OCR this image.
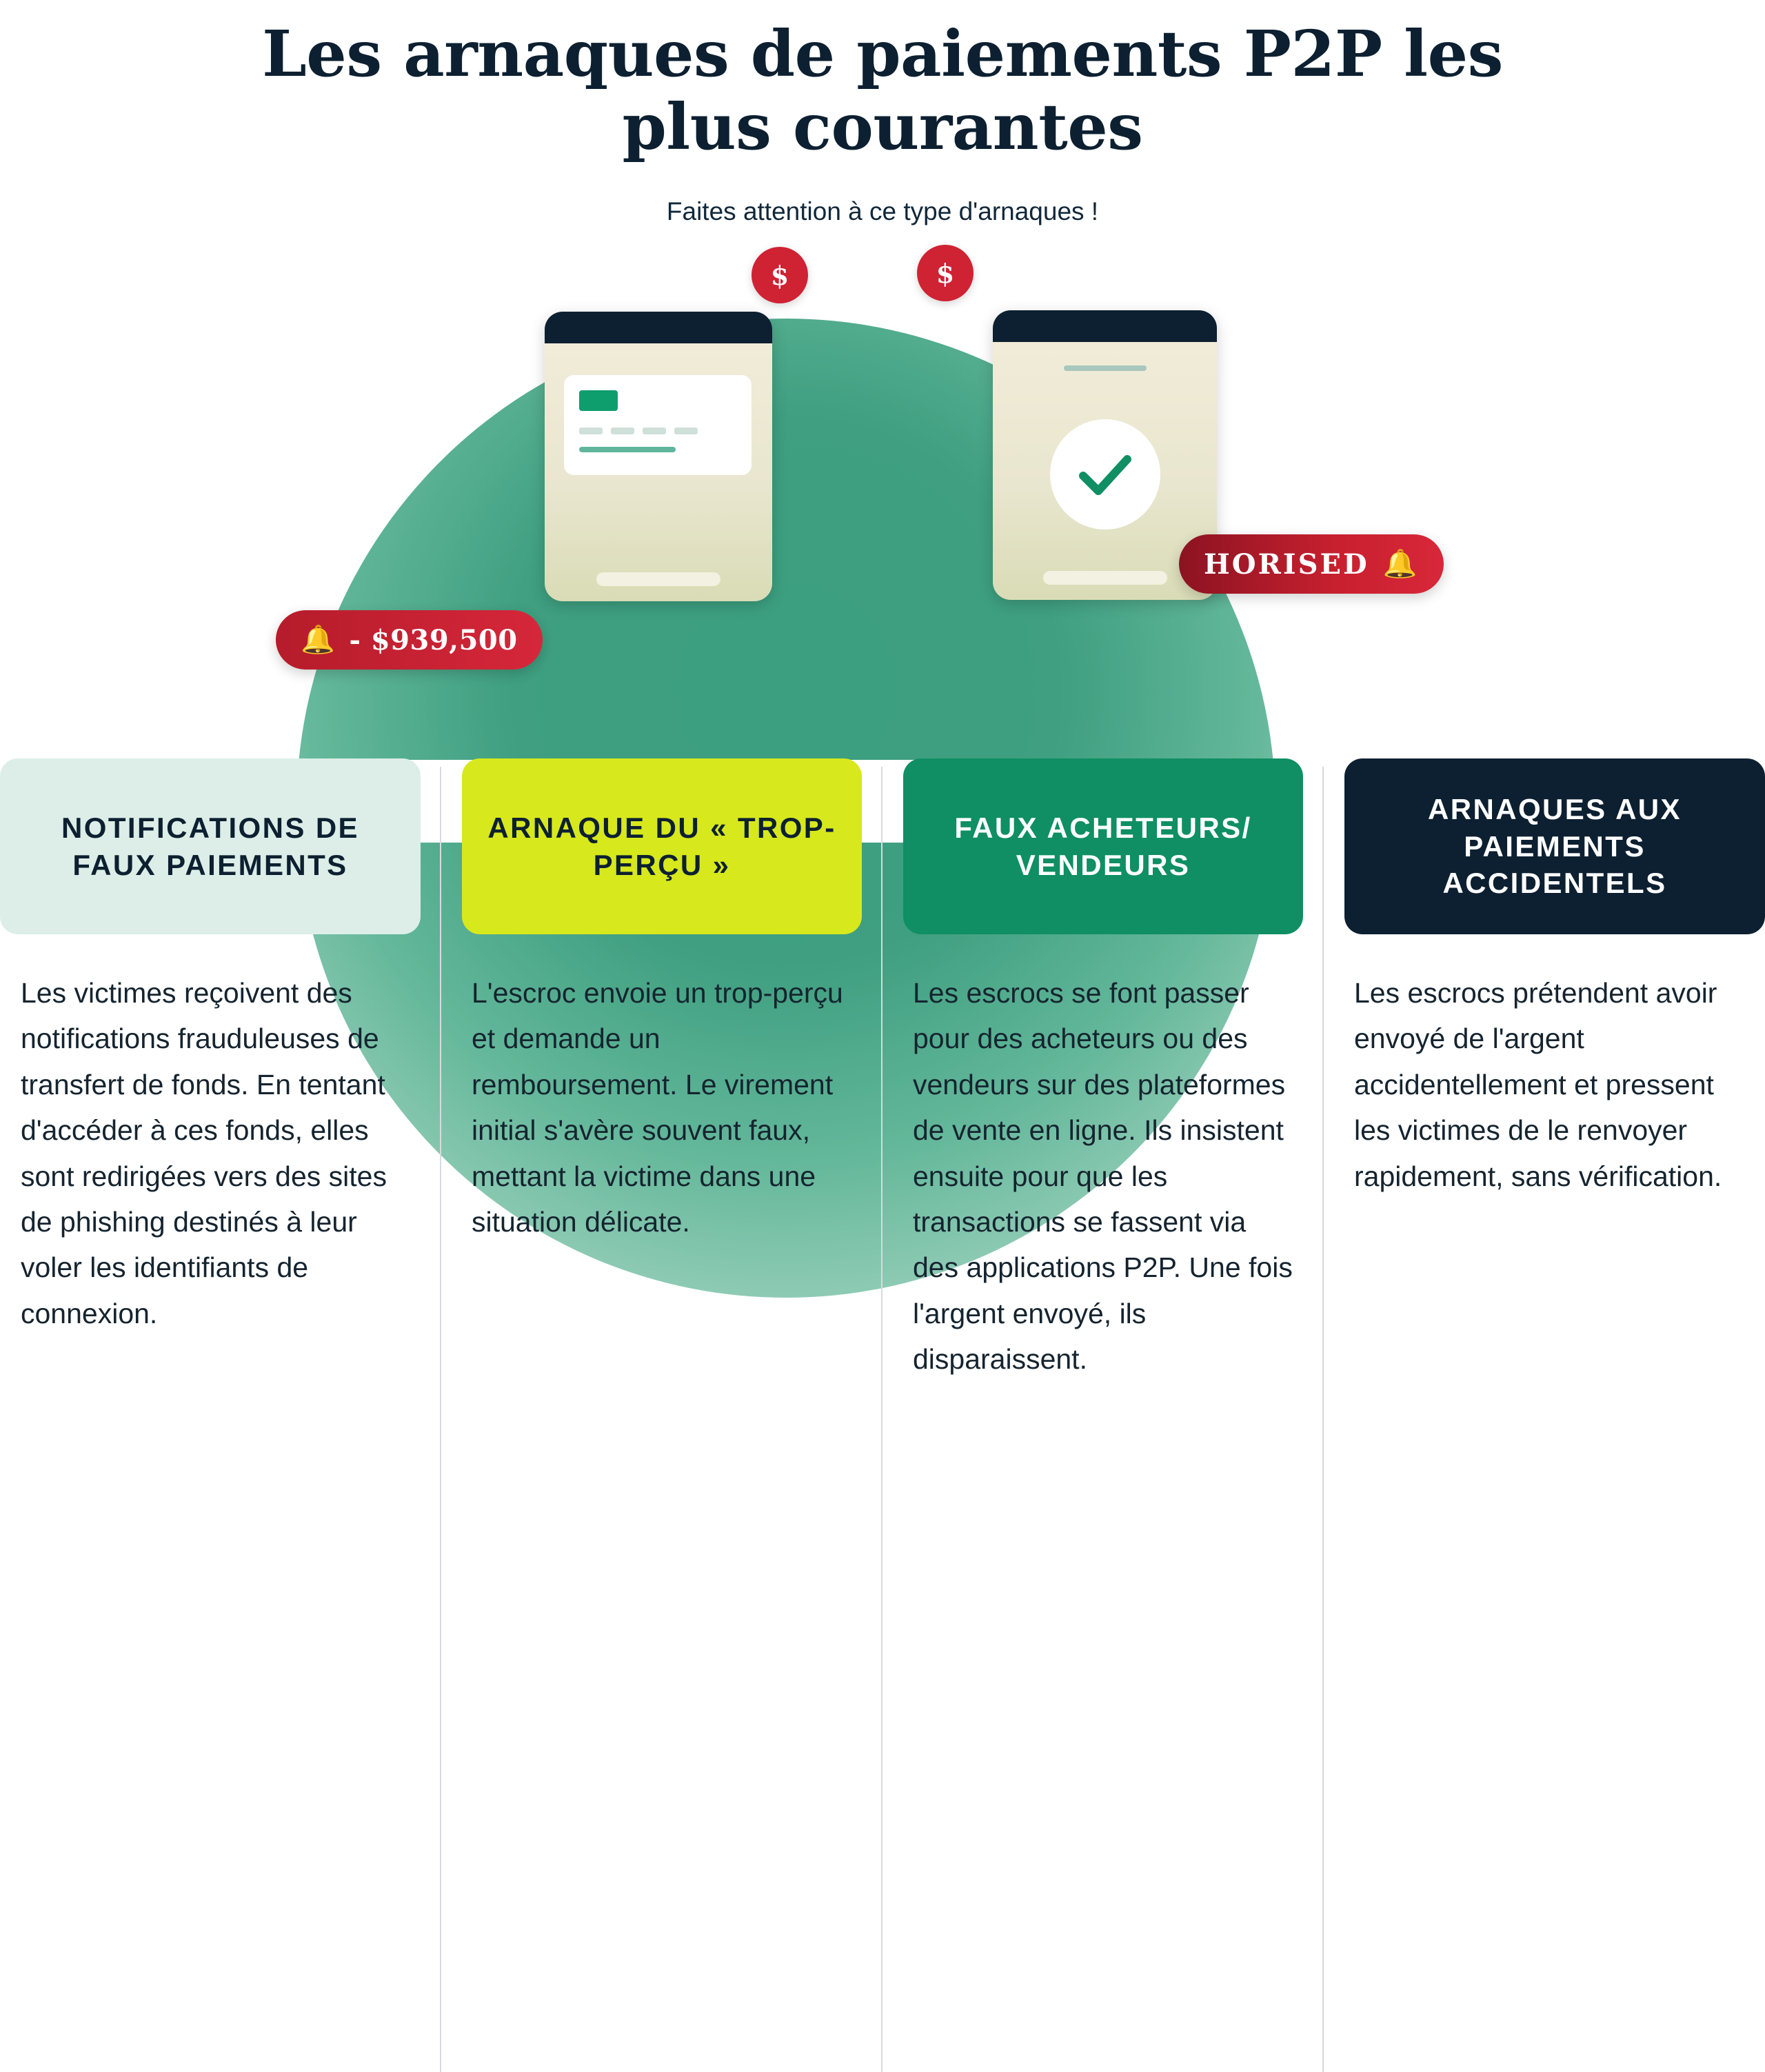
Les arnaques de paiements P2P les plus courantes
Faites attention à ce type d'arnaques !
$	$
🔔 - $939,500
HORISED 🔔
NOTIFICATIONS DE FAUX PAIEMENTS
Les victimes reçoivent des notifications frauduleuses de transfert de fonds. En tentant d'accéder à ces fonds, elles sont redirigées vers des sites de phishing destinés à leur voler les identifiants de connexion.
ARNAQUE DU « TROP-PERÇU »
L'escroc envoie un trop-perçu et demande un remboursement. Le virement initial s'avère souvent faux, mettant la victime dans une situation délicate.
FAUX ACHETEURS/ VENDEURS
Les escrocs se font passer pour des acheteurs ou des vendeurs sur des plateformes de vente en ligne. Ils insistent ensuite pour que les transactions se fassent via des applications P2P. Une fois l'argent envoyé, ils disparaissent.
ARNAQUES AUX PAIEMENTS ACCIDENTELS
Les escrocs prétendent avoir envoyé de l'argent accidentellement et pressent les victimes de le renvoyer rapidement, sans vérification.
